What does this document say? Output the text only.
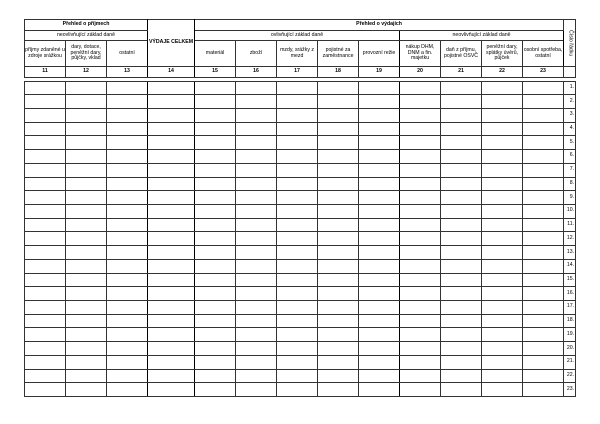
Přehled o příjmech			VÝDAJE CELKEM	Přehled o výdajích									Číslo řádku

neovlivňující základ daně				ovlivňující základ daně					neovlivňující základ daně				
příjmy zdaněné u zdroje srážkou	dary, dotace, peněžní dary, půjčky, vklad	ostatní		materiál	zboží	mzdy, srážky z mezd	pojistné za zaměstnance	provozní režie	nákup DHM, DNM a fin. majetku	daň z příjmu, pojistné OSVČ	peněžní dary, splátky úvěrů, půjček	osobní spotřeba, ostatní	
11	12	13	14	15	16	17	18	19	20	21	22	23	

													1.
													2.
													3.
													4.
													5.
													6.
													7.
													8.
													9.
													10.
													11.
													12.
													13.
													14.
													15.
													16.
													17.
													18.
													19.
													20.
													21.
													22.
													23.
